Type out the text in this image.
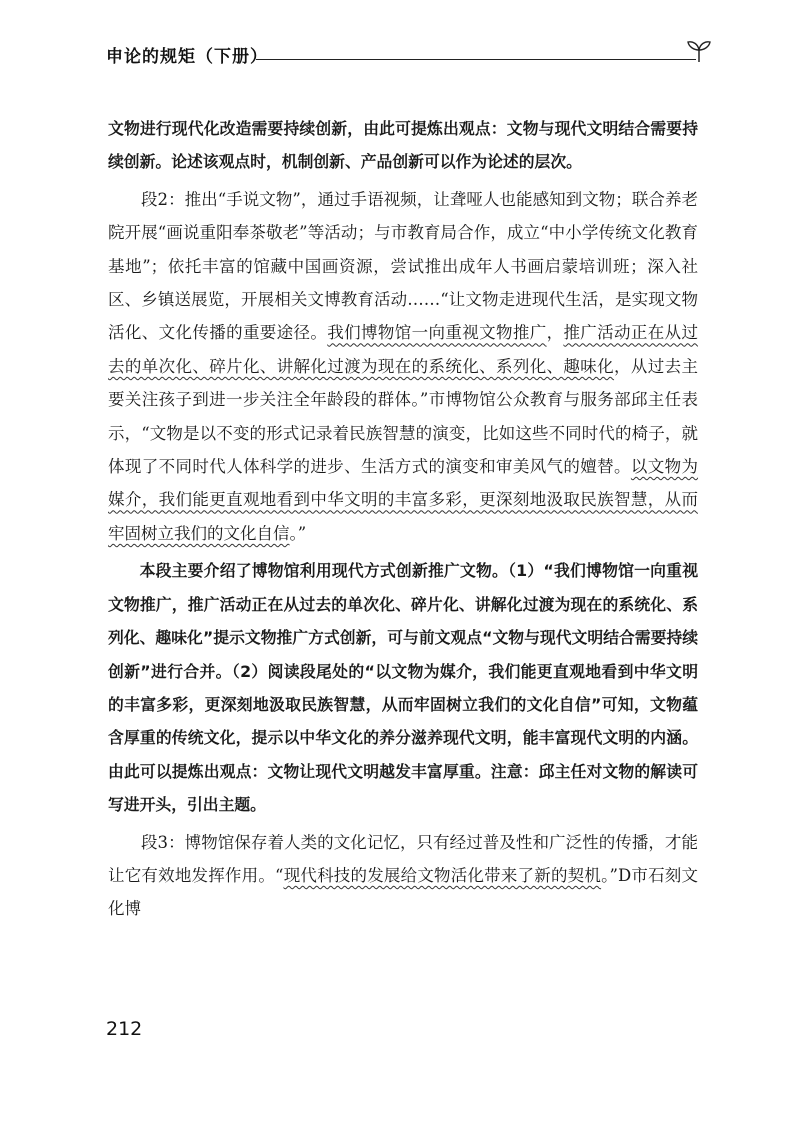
申论的规矩（下册）

文物进行现代化改造需要持续创新，由此可提炼出观点：文物与现代文明结合需要持续创新。论述该观点时，机制创新、产品创新可以作为论述的层次。

段2：推出“手说文物”，通过手语视频，让聋哑人也能感知到文物；联合养老院开展“画说重阳奉茶敬老”等活动；与市教育局合作，成立“中小学传统文化教育基地”；依托丰富的馆藏中国画资源，尝试推出成年人书画启蒙培训班；深入社区、乡镇送展览，开展相关文博教育活动……“让文物走进现代生活，是实现文物活化、文化传播的重要途径。我们博物馆一向重视文物推广，推广活动正在从过去的单次化、碎片化、讲解化过渡为现在的系统化、系列化、趣味化，从过去主要关注孩子到进一步关注全年龄段的群体。”市博物馆公众教育与服务部邱主任表示，“文物是以不变的形式记录着民族智慧的演变，比如这些不同时代的椅子，就体现了不同时代人体科学的进步、生活方式的演变和审美风气的嬗替。以文物为媒介，我们能更直观地看到中华文明的丰富多彩，更深刻地汲取民族智慧，从而牢固树立我们的文化自信。”

本段主要介绍了博物馆利用现代方式创新推广文物。（1）“我们博物馆一向重视文物推广，推广活动正在从过去的单次化、碎片化、讲解化过渡为现在的系统化、系列化、趣味化”提示文物推广方式创新，可与前文观点“文物与现代文明结合需要持续创新”进行合并。（2）阅读段尾处的“以文物为媒介，我们能更直观地看到中华文明的丰富多彩，更深刻地汲取民族智慧，从而牢固树立我们的文化自信”可知，文物蕴含厚重的传统文化，提示以中华文化的养分滋养现代文明，能丰富现代文明的内涵。由此可以提炼出观点：文物让现代文明越发丰富厚重。注意：邱主任对文物的解读可写进开头，引出主题。

段3：博物馆保存着人类的文化记忆，只有经过普及性和广泛性的传播，才能让它有效地发挥作用。“现代科技的发展给文物活化带来了新的契机。”D市石刻文化博

212
